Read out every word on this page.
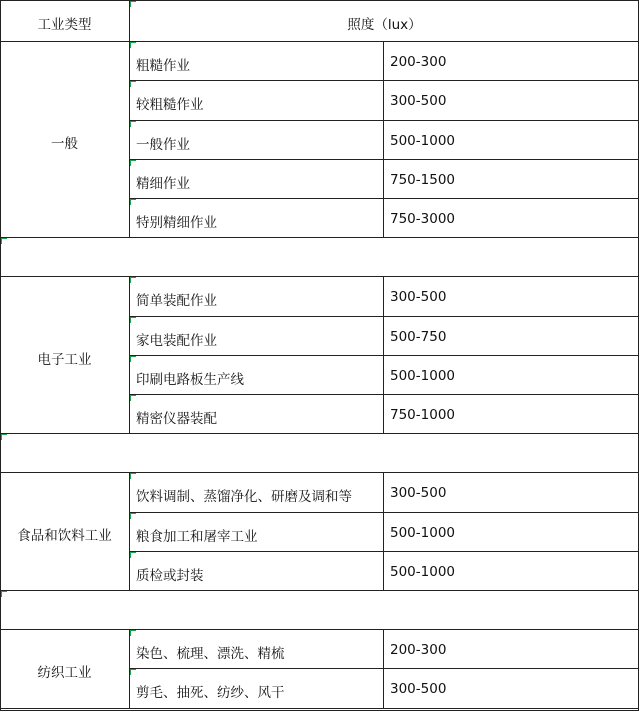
工业类型	照度（lux）
一般
粗糙作业	200-300
较粗糙作业	300-500
一般作业	500-1000
精细作业	750-1500
特别精细作业	750-3000
电子工业
简单装配作业	300-500
家电装配作业	500-750
印刷电路板生产线	500-1000
精密仪器装配	750-1000
食品和饮料工业
饮料调制、蒸馏净化、研磨及调和等	300-500
粮食加工和屠宰工业	500-1000
质检或封装	500-1000
纺织工业
染色、梳理、漂洗、精梳	200-300
剪毛、抽死、纺纱、风干	300-500
